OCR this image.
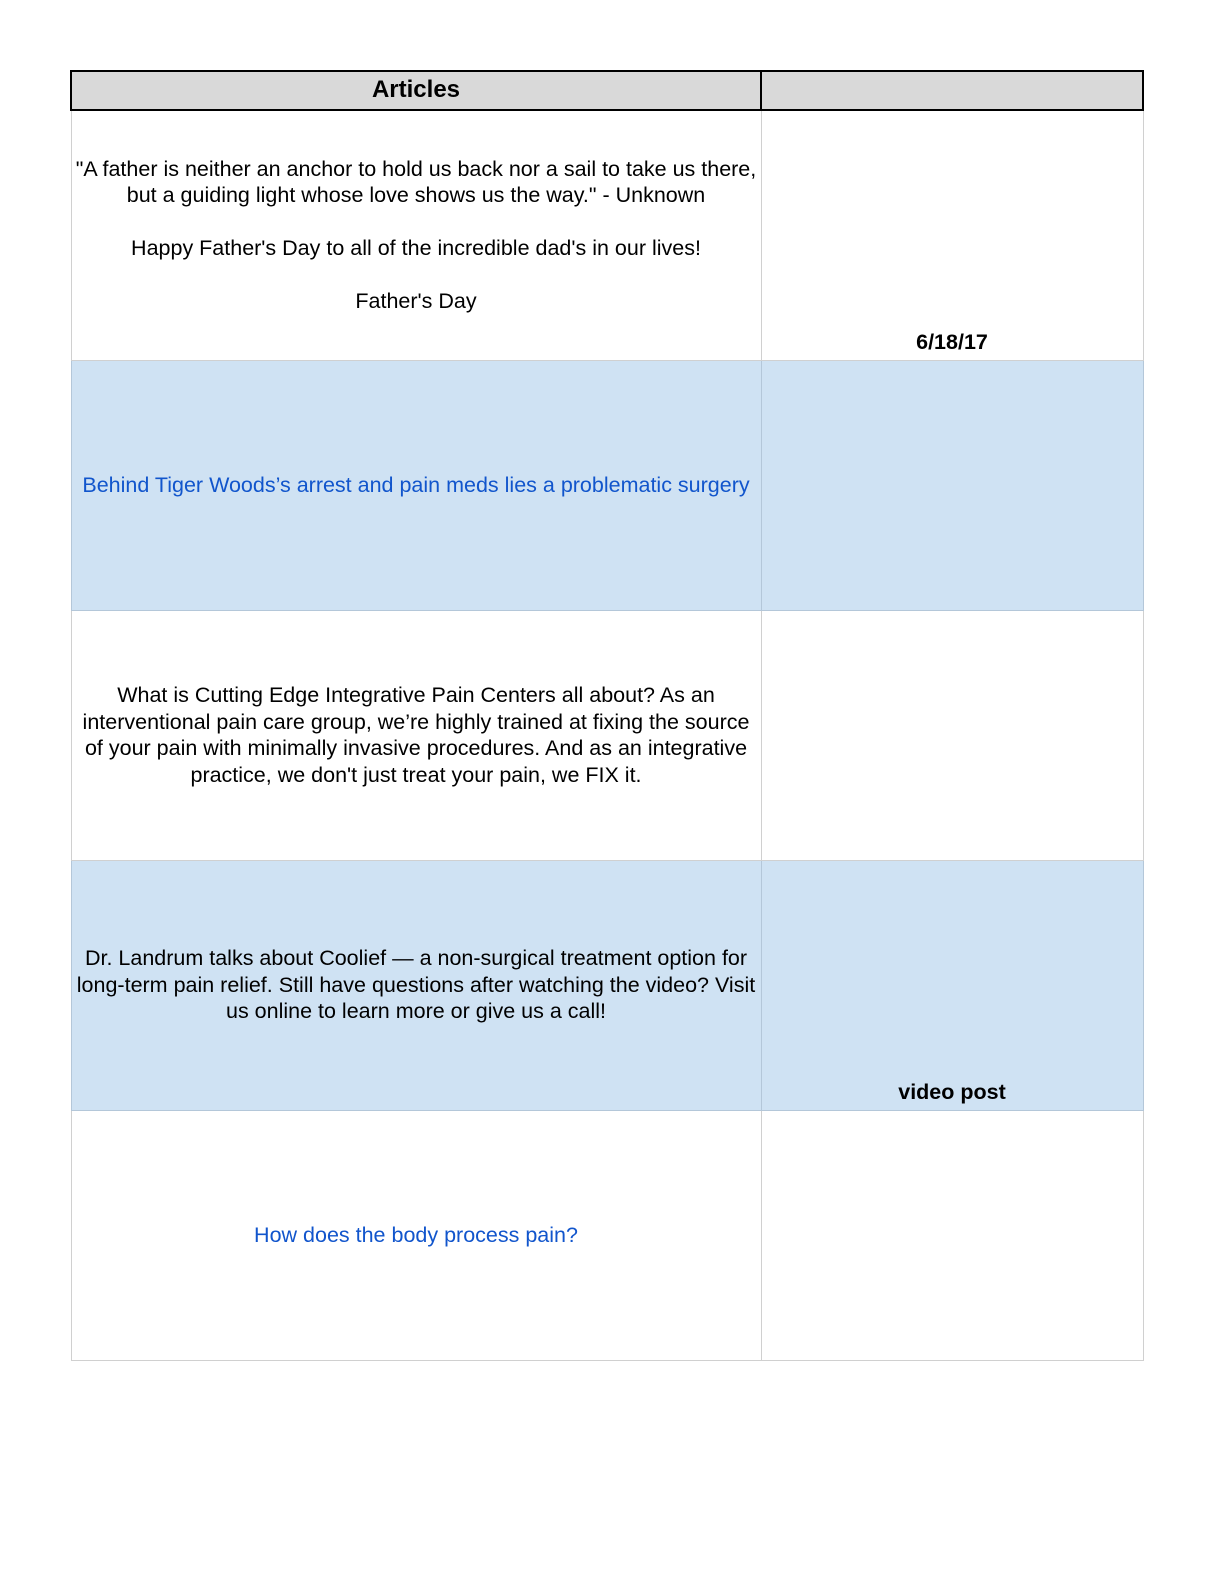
Articles	
"A father is neither an anchor to hold us back nor a sail to take us there, but a guiding light whose love shows us the way." - Unknown

Happy Father's Day to all of the incredible dad's in our lives!

Father's Day	6/18/17
Behind Tiger Woods’s arrest and pain meds lies a problematic surgery	
What is Cutting Edge Integrative Pain Centers all about? As an interventional pain care group, we’re highly trained at fixing the source of your pain with minimally invasive procedures. And as an integrative practice, we don't just treat your pain, we FIX it.	
Dr. Landrum talks about Coolief — a non-surgical treatment option for long-term pain relief. Still have questions after watching the video? Visit us online to learn more or give us a call!	video post
How does the body process pain?	
